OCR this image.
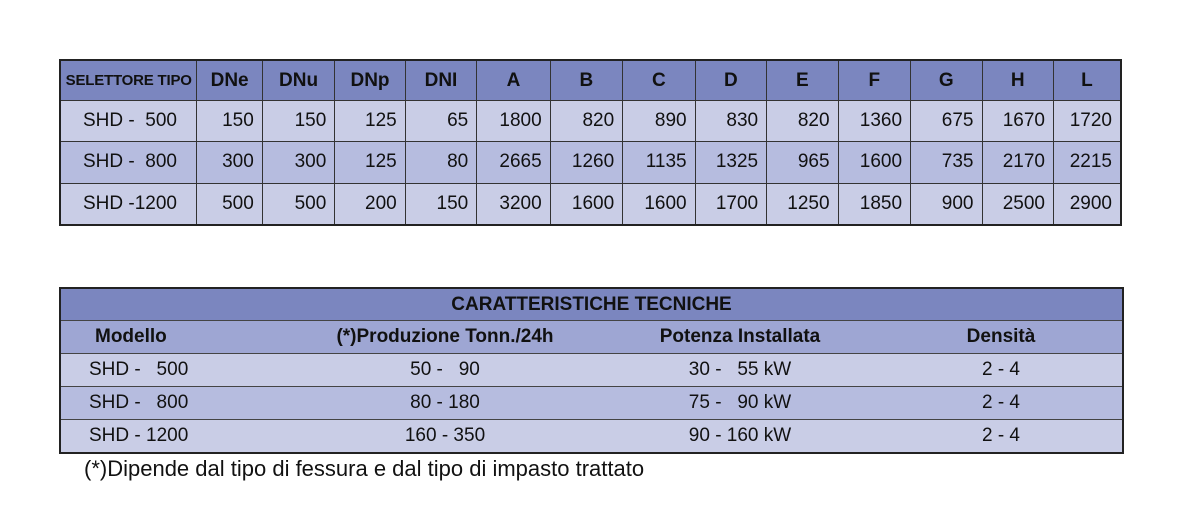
SELETTORE TIPO	DNe	DNu	DNp	DNI	A	B	C	D	E	F	G	H	L
SHD -  500	150	150	125	65	1800	820	890	830	820	1360	675	1670	1720
SHD -  800	300	300	125	80	2665	1260	1135	1325	965	1600	735	2170	2215
SHD -1200	500	500	200	150	3200	1600	1600	1700	1250	1850	900	2500	2900
CARATTERISTICHE TECNICHE			
Modello	(*)Produzione Tonn./24h	Potenza Installata	Densità
SHD -   500	50 -   90	30 -   55 kW	2 - 4
SHD -   800	80 - 180	75 -   90 kW	2 - 4
SHD - 1200	160 - 350	90 - 160 kW	2 - 4
(*)Dipende dal tipo di fessura e dal tipo di impasto trattato
